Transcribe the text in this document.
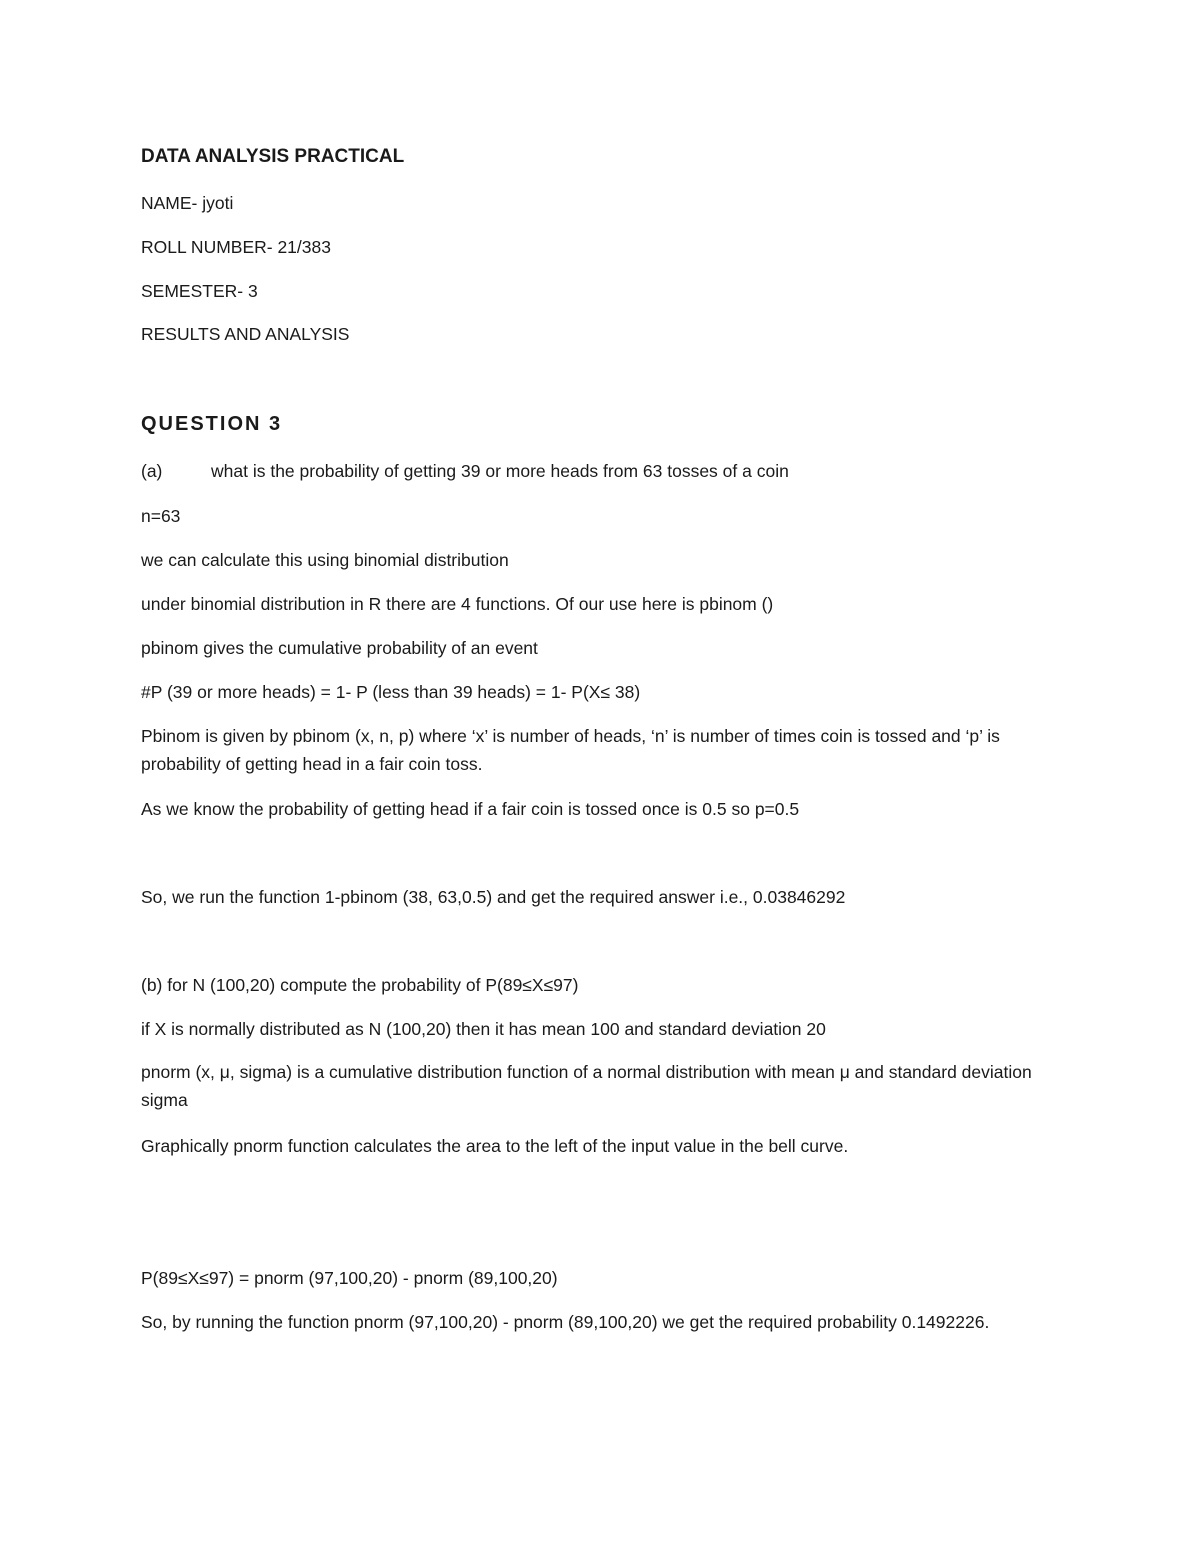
DATA ANALYSIS PRACTICAL

NAME- jyoti

ROLL NUMBER- 21/383

SEMESTER- 3

RESULTS AND ANALYSIS

QUESTION 3

(a)	what is the probability of getting 39 or more heads from 63 tosses of a coin

n=63

we can calculate this using binomial distribution

under binomial distribution in R there are 4 functions. Of our use here is pbinom ()

pbinom gives the cumulative probability of an event

#P (39 or more heads) = 1- P (less than 39 heads) = 1- P(X≤ 38)

Pbinom is given by pbinom (x, n, p) where ‘x’ is number of heads, ‘n’ is number of times coin is tossed and ‘p’ is probability of getting head in a fair coin toss.

As we know the probability of getting head if a fair coin is tossed once is 0.5 so p=0.5

So, we run the function 1-pbinom (38, 63,0.5) and get the required answer i.e., 0.03846292

(b) for N (100,20) compute the probability of P(89≤X≤97)

if X is normally distributed as N (100,20) then it has mean 100 and standard deviation 20

pnorm (x, μ, sigma) is a cumulative distribution function of a normal distribution with mean μ and standard deviation sigma

Graphically pnorm function calculates the area to the left of the input value in the bell curve.

P(89≤X≤97) = pnorm (97,100,20) - pnorm (89,100,20)

So, by running the function pnorm (97,100,20) - pnorm (89,100,20) we get the required probability 0.1492226.
